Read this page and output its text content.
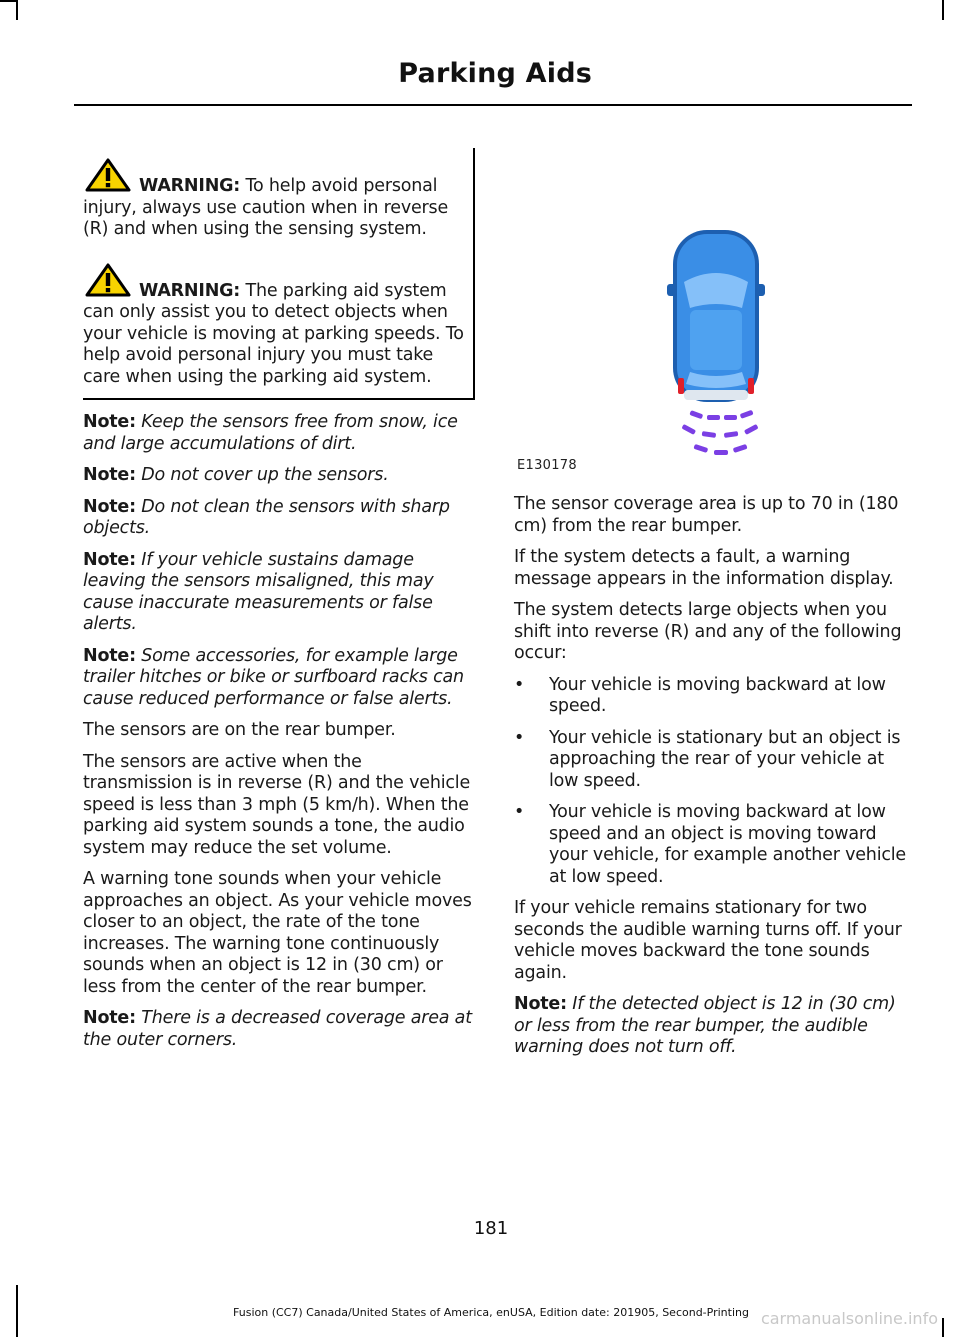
Parking Aids
WARNING: To help avoid personal injury, always use caution when in reverse (R) and when using the sensing system.
WARNING: The parking aid system can only assist you to detect objects when your vehicle is moving at parking speeds. To help avoid personal injury you must take care when using the parking aid system.

Note: Keep the sensors free from snow, ice and large accumulations of dirt.

Note: Do not cover up the sensors.

Note: Do not clean the sensors with sharp objects.

Note: If your vehicle sustains damage leaving the sensors misaligned, this may cause inaccurate measurements or false alerts.

Note: Some accessories, for example large trailer hitches or bike or surfboard racks can cause reduced performance or false alerts.

The sensors are on the rear bumper.

The sensors are active when the transmission is in reverse (R) and the vehicle speed is less than 3 mph (5 km/h). When the parking aid system sounds a tone, the audio system may reduce the set volume.

A warning tone sounds when your vehicle approaches an object. As your vehicle moves closer to an object, the rate of the tone increases. The warning tone continuously sounds when an object is 12 in (30 cm) or less from the center of the rear bumper.

Note: There is a decreased coverage area at the outer corners.

E130178

The sensor coverage area is up to 70 in (180 cm) from the rear bumper.

If the system detects a fault, a warning message appears in the information display.

The system detects large objects when you shift into reverse (R) and any of the following occur:

• Your vehicle is moving backward at low speed.
• Your vehicle is stationary but an object is approaching the rear of your vehicle at low speed.
• Your vehicle is moving backward at low speed and an object is moving toward your vehicle, for example another vehicle at low speed.

If your vehicle remains stationary for two seconds the audible warning turns off. If your vehicle moves backward the tone sounds again.

Note: If the detected object is 12 in (30 cm) or less from the rear bumper, the audible warning does not turn off.

181
Fusion (CC7) Canada/United States of America, enUSA, Edition date: 201905, Second-Printing carmanualsonline.info
